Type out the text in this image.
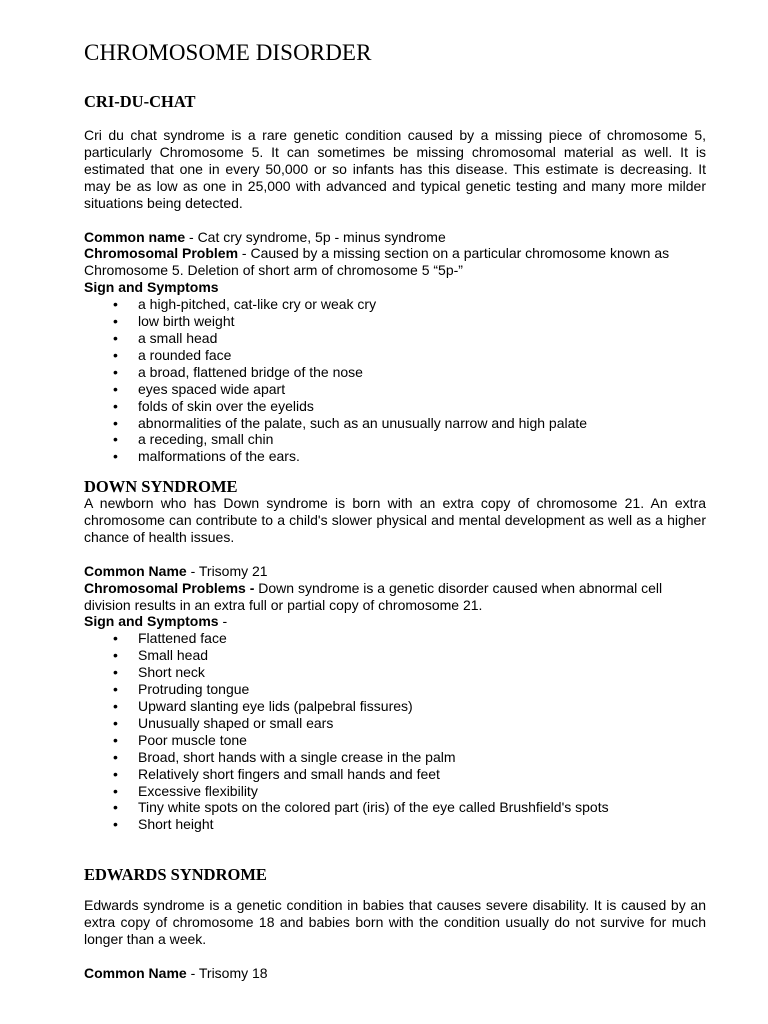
CHROMOSOME DISORDER
CRI-DU-CHAT

Cri du chat syndrome is a rare genetic condition caused by a missing piece of chromosome 5, particularly Chromosome 5. It can sometimes be missing chromosomal material as well. It is estimated that one in every 50,000 or so infants has this disease. This estimate is decreasing. It may be as low as one in 25,000 with advanced and typical genetic testing and many more milder situations being detected.

Common name - Cat cry syndrome, 5p - minus syndrome

Chromosomal Problem - Caused by a missing section on a particular chromosome known as Chromosome 5. Deletion of short arm of chromosome 5 “5p-”

Sign and Symptoms

• a high-pitched, cat-like cry or weak cry
• low birth weight
• a small head
• a rounded face
• a broad, flattened bridge of the nose
• eyes spaced wide apart
• folds of skin over the eyelids
• abnormalities of the palate, such as an unusually narrow and high palate
• a receding, small chin
• malformations of the ears.
DOWN SYNDROME

A newborn who has Down syndrome is born with an extra copy of chromosome 21. An extra chromosome can contribute to a child's slower physical and mental development as well as a higher chance of health issues.

Common Name - Trisomy 21

Chromosomal Problems - Down syndrome is a genetic disorder caused when abnormal cell division results in an extra full or partial copy of chromosome 21.

Sign and Symptoms -

• Flattened face
• Small head
• Short neck
• Protruding tongue
• Upward slanting eye lids (palpebral fissures)
• Unusually shaped or small ears
• Poor muscle tone
• Broad, short hands with a single crease in the palm
• Relatively short fingers and small hands and feet
• Excessive flexibility
• Tiny white spots on the colored part (iris) of the eye called Brushfield's spots
• Short height
EDWARDS SYNDROME

Edwards syndrome is a genetic condition in babies that causes severe disability. It is caused by an extra copy of chromosome 18 and babies born with the condition usually do not survive for much longer than a week.

Common Name - Trisomy 18
